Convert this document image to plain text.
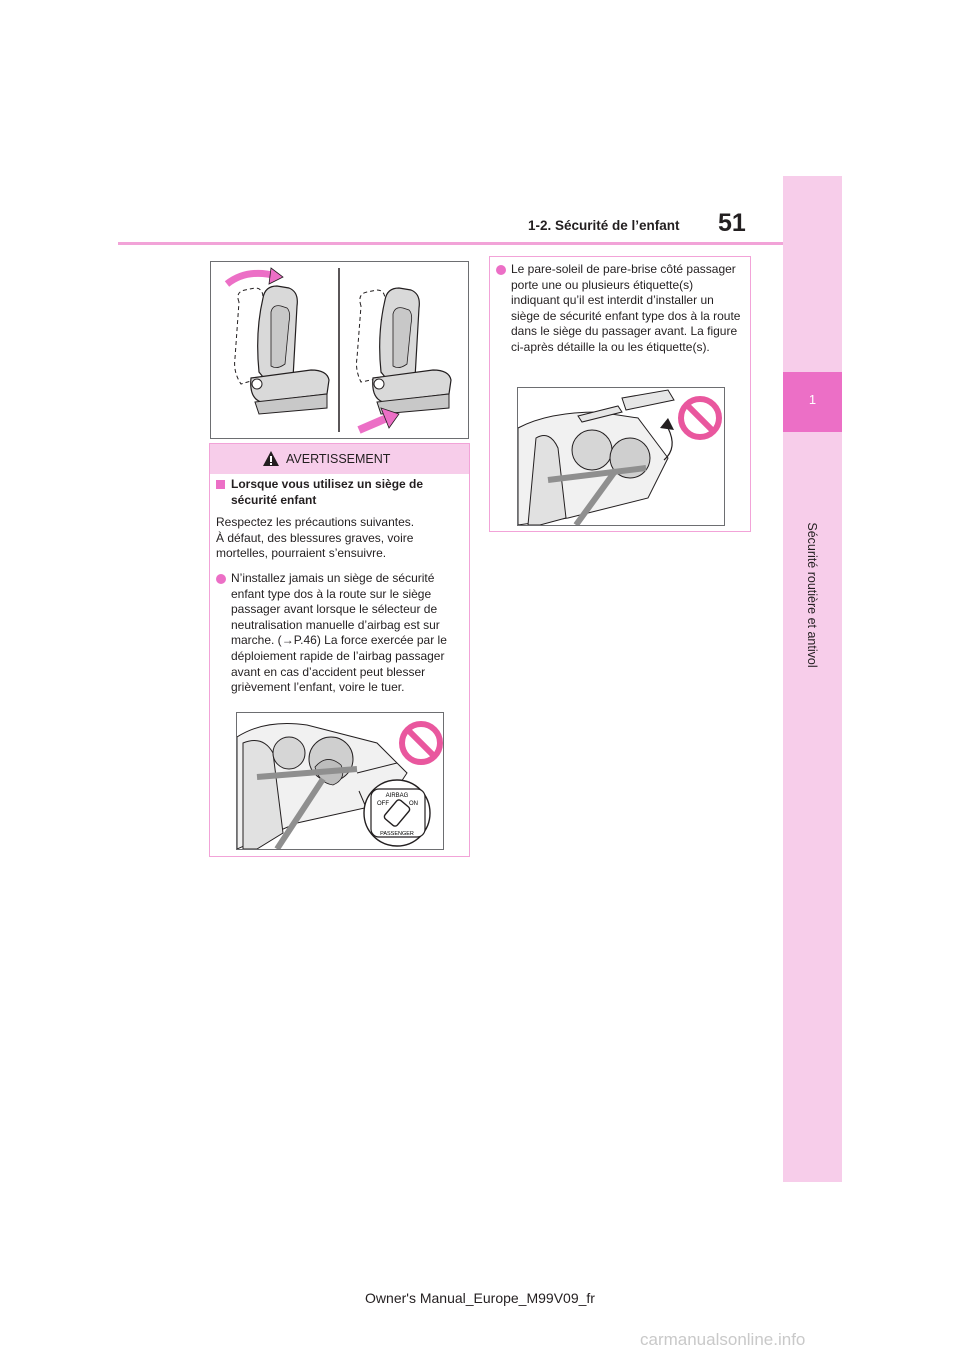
1-2. Sécurité de l’enfant 51
1
Sécurité routière et antivol
AVERTISSEMENT
Lorsque vous utilisez un siège de sécurité enfant
Respectez les précautions suivantes.
À défaut, des blessures graves, voire mortelles, pourraient s’ensuivre.
N’installez jamais un siège de sécurité enfant type dos à la route sur le siège passager avant lorsque le sélecteur de neutralisation manuelle d’airbag est sur marche. (→P.46) La force exercée par le déploiement rapide de l’airbag passager avant en cas d’accident peut blesser grièvement l’enfant, voire le tuer.
AIRBAG
OFF	ON
PASSENGER
Le pare-soleil de pare-brise côté passager porte une ou plusieurs étiquette(s) indiquant qu’il est interdit d’installer un siège de sécurité enfant type dos à la route dans le siège du passager avant. La figure ci-après détaille la ou les étiquette(s).
Owner's Manual_Europe_M99V09_fr
carmanualsonline.info
